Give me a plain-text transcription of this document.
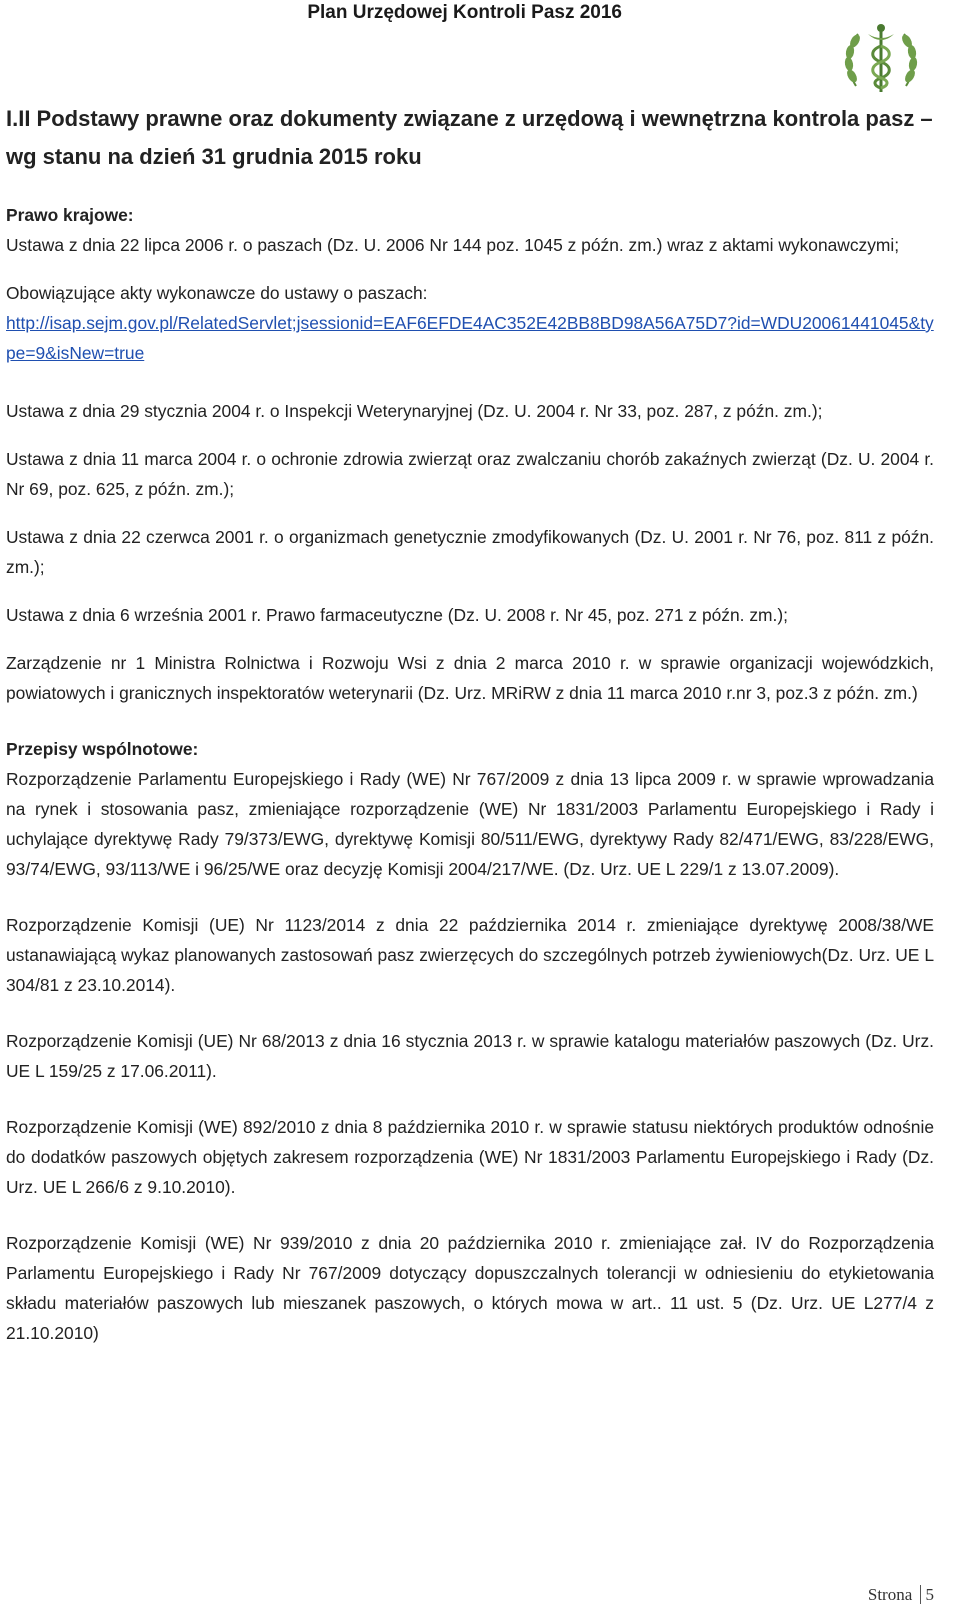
Plan Urzędowej Kontroli Pasz 2016
I.II Podstawy prawne oraz dokumenty związane z urzędową i wewnętrzna kontrola pasz – wg stanu na dzień 31 grudnia 2015 roku

Prawo krajowe:

Ustawa z dnia 22 lipca 2006 r. o paszach (Dz. U. 2006 Nr 144 poz. 1045 z późn. zm.) wraz z aktami wykonawczymi;

Obowiązujące akty wykonawcze do ustawy o paszach:

http://isap.sejm.gov.pl/RelatedServlet;jsessionid=EAF6EFDE4AC352E42BB8BD98A56A75D7?id=WDU20061441045&type=9&isNew=true

Ustawa z dnia 29 stycznia 2004 r. o Inspekcji Weterynaryjnej (Dz. U. 2004 r. Nr 33, poz. 287, z późn. zm.);

Ustawa z dnia 11 marca 2004 r. o ochronie zdrowia zwierząt oraz zwalczaniu chorób zakaźnych zwierząt (Dz. U. 2004 r. Nr 69, poz. 625, z późn. zm.);

Ustawa z dnia 22 czerwca 2001 r. o organizmach genetycznie zmodyfikowanych (Dz. U. 2001 r. Nr 76, poz. 811 z późn. zm.);

Ustawa z dnia 6 września 2001 r. Prawo farmaceutyczne (Dz. U. 2008 r. Nr 45, poz. 271 z późn. zm.);

Zarządzenie nr 1 Ministra Rolnictwa i Rozwoju Wsi z dnia 2 marca 2010 r. w sprawie organizacji wojewódzkich, powiatowych i granicznych inspektoratów weterynarii (Dz. Urz. MRiRW z dnia 11 marca 2010 r.nr 3, poz.3 z późn. zm.)

Przepisy wspólnotowe:

Rozporządzenie Parlamentu Europejskiego i Rady (WE) Nr 767/2009 z dnia 13 lipca 2009 r. w sprawie wprowadzania na rynek i stosowania pasz, zmieniające rozporządzenie (WE) Nr 1831/2003 Parlamentu Europejskiego i Rady i uchylające dyrektywę Rady 79/373/EWG, dyrektywę Komisji 80/511/EWG, dyrektywy Rady 82/471/EWG, 83/228/EWG, 93/74/EWG, 93/113/WE i 96/25/WE oraz decyzję Komisji 2004/217/WE. (Dz. Urz. UE L 229/1 z 13.07.2009).

Rozporządzenie Komisji (UE) Nr 1123/2014 z dnia 22 października 2014 r. zmieniające dyrektywę 2008/38/WE ustanawiającą wykaz planowanych zastosowań pasz zwierzęcych do szczególnych potrzeb żywieniowych(Dz. Urz. UE L 304/81 z 23.10.2014).

Rozporządzenie Komisji (UE) Nr 68/2013 z dnia 16 stycznia 2013 r. w sprawie katalogu materiałów paszowych (Dz. Urz. UE L 159/25 z 17.06.2011).

Rozporządzenie Komisji (WE) 892/2010 z dnia 8 października 2010 r. w sprawie statusu niektórych produktów odnośnie do dodatków paszowych objętych zakresem rozporządzenia (WE) Nr 1831/2003 Parlamentu Europejskiego i Rady (Dz. Urz. UE L 266/6 z 9.10.2010).

Rozporządzenie Komisji (WE) Nr 939/2010 z dnia 20 października 2010 r. zmieniające zał. IV do Rozporządzenia Parlamentu Europejskiego i Rady Nr 767/2009 dotyczący dopuszczalnych tolerancji w odniesieniu do etykietowania składu materiałów paszowych lub mieszanek paszowych, o których mowa w art.. 11 ust. 5 (Dz. Urz. UE L277/4 z 21.10.2010)

Strona 5
